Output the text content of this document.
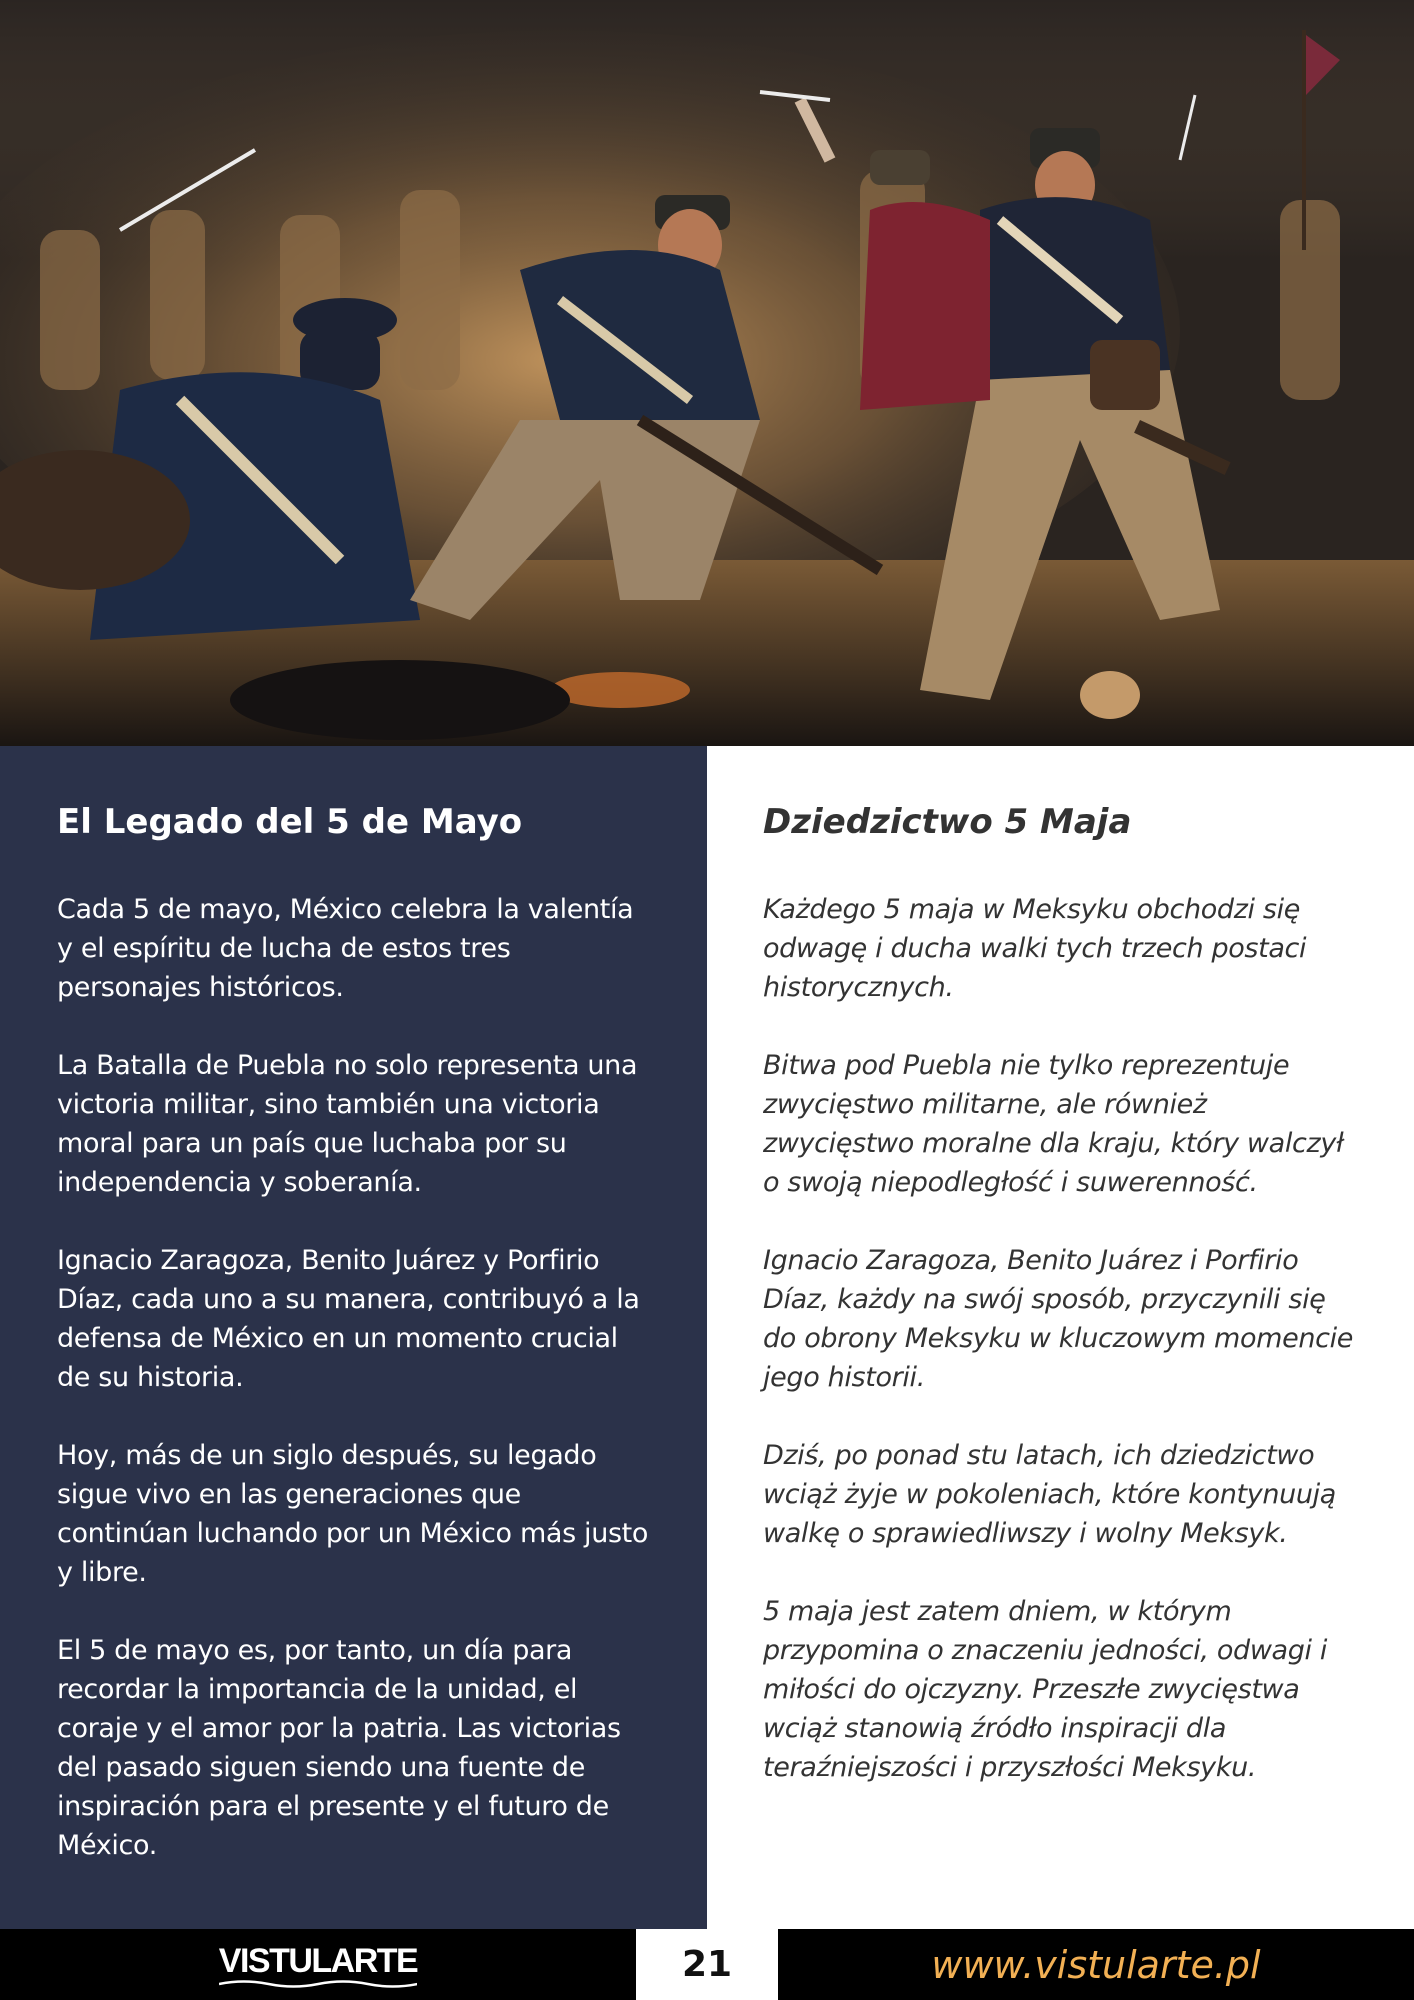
El Legado del 5 de Mayo

Cada 5 de mayo, México celebra la valentía y el espíritu de lucha de estos tres personajes históricos.

La Batalla de Puebla no solo representa una victoria militar, sino también una victoria moral para un país que luchaba por su independencia y soberanía.

Ignacio Zaragoza, Benito Juárez y Porfirio Díaz, cada uno a su manera, contribuyó a la defensa de México en un momento crucial de su historia.

Hoy, más de un siglo después, su legado sigue vivo en las generaciones que continúan luchando por un México más justo y libre.

El 5 de mayo es, por tanto, un día para recordar la importancia de la unidad, el coraje y el amor por la patria. Las victorias del pasado siguen siendo una fuente de inspiración para el presente y el futuro de México.

Dziedzictwo 5 Maja

Każdego 5 maja w Meksyku obchodzi się odwagę i ducha walki tych trzech postaci historycznych.

Bitwa pod Puebla nie tylko reprezentuje zwycięstwo militarne, ale również zwycięstwo moralne dla kraju, który walczył o swoją niepodległość i suwerenność.

Ignacio Zaragoza, Benito Juárez i Porfirio Díaz, każdy na swój sposób, przyczynili się do obrony Meksyku w kluczowym momencie jego historii.

Dziś, po ponad stu latach, ich dziedzictwo wciąż żyje w pokoleniach, które kontynuują walkę o sprawiedliwszy i wolny Meksyk.

5 maja jest zatem dniem, w którym przypomina o znaczeniu jedności, odwagi i miłości do ojczyzny. Przeszłe zwycięstwa wciąż stanowią źródło inspiracji dla teraźniejszości i przyszłości Meksyku.

VISTULARTE	21	www.vistularte.pl
